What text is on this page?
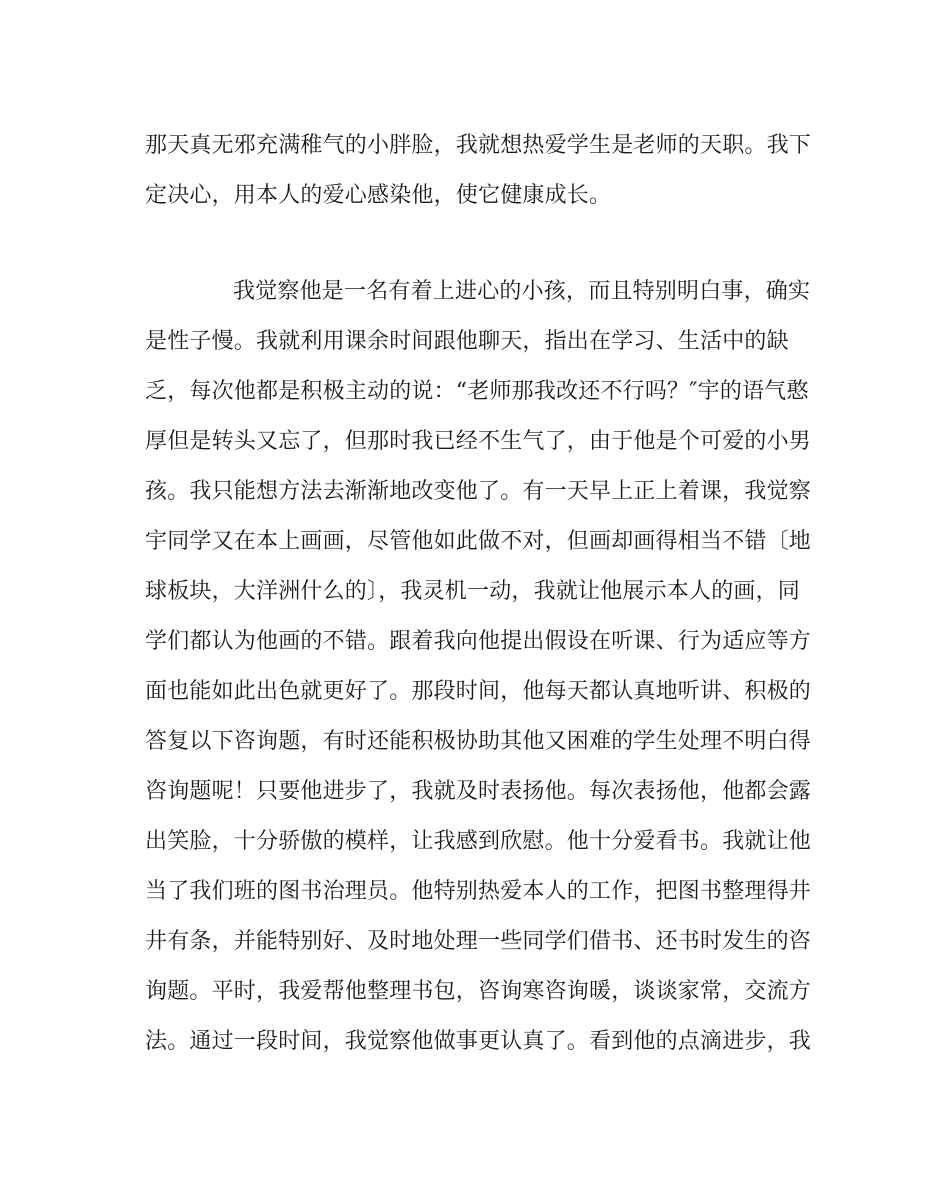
那天真无邪充满稚气的小胖脸，我就想热爱学生是老师的天职。我下
定决心，用本人的爱心感染他，使它健康成长。
我觉察他是一名有着上进心的小孩，而且特别明白事，确实
是性子慢。我就利用课余时间跟他聊天，指出在学习、生活中的缺
乏，每次他都是积极主动的说：“老师那我改还不行吗？″宇的语气憨
厚但是转头又忘了，但那时我已经不生气了，由于他是个可爱的小男
孩。我只能想方法去渐渐地改变他了。有一天早上正上着课，我觉察
宇同学又在本上画画，尽管他如此做不对，但画却画得相当不错〔地
球板块，大洋洲什么的〕，我灵机一动，我就让他展示本人的画，同
学们都认为他画的不错。跟着我向他提出假设在听课、行为适应等方
面也能如此出色就更好了。那段时间，他每天都认真地听讲、积极的
答复以下咨询题，有时还能积极协助其他又困难的学生处理不明白得
咨询题呢！只要他进步了，我就及时表扬他。每次表扬他，他都会露
出笑脸，十分骄傲的模样，让我感到欣慰。他十分爱看书。我就让他
当了我们班的图书治理员。他特别热爱本人的工作，把图书整理得井
井有条，并能特别好、及时地处理一些同学们借书、还书时发生的咨
询题。平时，我爱帮他整理书包，咨询寒咨询暖，谈谈家常，交流方
法。通过一段时间，我觉察他做事更认真了。看到他的点滴进步，我
